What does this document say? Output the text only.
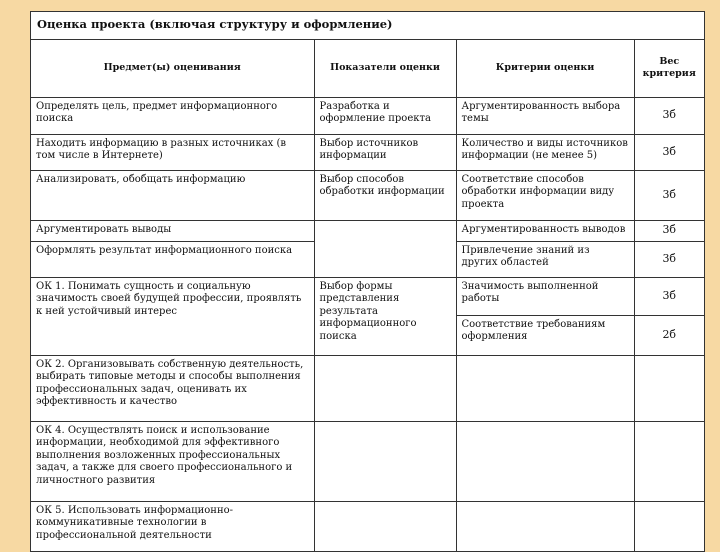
Оценка проекта (включая структуру и оформление)
Предмет(ы) оценивания	Показатели оценки	Критерии оценки	Вес критерия
Определять цель, предмет информационного поиска	Разработка и оформление проекта	Аргументированность выбора темы	3б
Находить информацию в разных источниках (в том числе в Интернете)	Выбор источников информации	Количество и виды источников информации (не менее 5)	3б
Анализировать, обобщать информацию	Выбор способов обработки информации	Соответствие способов обработки информации виду проекта	3б
Аргументировать выводы		Аргументированность выводов	3б
Оформлять результат информационного поиска		Привлечение знаний из других областей	3б
ОК 1. Понимать сущность и социальную значимость своей будущей профессии, проявлять к ней устойчивый интерес	Выбор формы представления результата информационного поиска	Значимость выполненной работы	3б
		Соответствие требованиям оформления	2б
ОК 2. Организовывать собственную деятельность, выбирать типовые методы и способы выполнения профессиональных задач, оценивать их эффективность и качество			
ОК 4. Осуществлять поиск и использование информации, необходимой для эффективного выполнения возложенных профессиональных задач, а также для своего профессионального и личностного развития			
ОК 5. Использовать информационно-коммуникативные технологии в профессиональной деятельности			
